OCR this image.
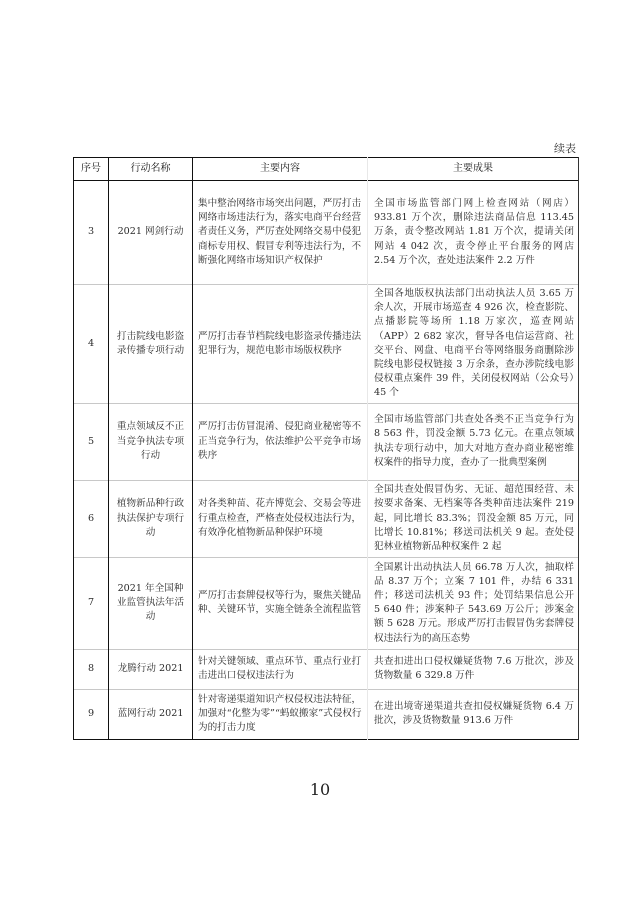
续表
序号	行动名称	主要内容	主要成果
3	2021 网剑行动	集中整治网络市场突出问题，严厉打击网络市场违法行为，落实电商平台经营者责任义务，严厉查处网络交易中侵犯商标专用权、假冒专利等违法行为，不断强化网络市场知识产权保护	全国市场监管部门网上检查网站（网店）933.81 万个次，删除违法商品信息 113.45 万条，责令整改网站 1.81 万个次，提请关闭网站 4 042 次，责令停止平台服务的网店 2.54 万个次，查处违法案件 2.2 万件
4	打击院线电影盗录传播专项行动	严厉打击春节档院线电影盗录传播违法犯罪行为，规范电影市场版权秩序	全国各地版权执法部门出动执法人员 3.65 万余人次，开展市场巡查 4 926 次，检查影院、点播影院等场所 1.18 万家次，巡查网站（APP）2 682 家次，督导各电信运营商、社交平台、网盘、电商平台等网络服务商删除涉院线电影侵权链接 3 万余条，查办涉院线电影侵权重点案件 39 件，关闭侵权网站（公众号）45 个
5	重点领域反不正当竞争执法专项行动	严厉打击仿冒混淆、侵犯商业秘密等不正当竞争行为，依法维护公平竞争市场秩序	全国市场监管部门共查处各类不正当竞争行为 8 563 件，罚没金额 5.73 亿元。在重点领域执法专项行动中，加大对地方查办商业秘密维权案件的指导力度，查办了一批典型案例
6	植物新品种行政执法保护专项行动	对各类种苗、花卉博览会、交易会等进行重点检查，严格查处侵权违法行为，有效净化植物新品种保护环境	全国共查处假冒伪劣、无证、超范围经营、未按要求备案、无档案等各类种苗违法案件 219 起，同比增长 83.3%；罚没金额 85 万元，同比增长 10.81%；移送司法机关 9 起。查处侵犯林业植物新品种权案件 2 起
7	2021 年全国种业监管执法年活动	严厉打击套牌侵权等行为，聚焦关键品种、关键环节，实施全链条全流程监管	全国累计出动执法人员 66.78 万人次，抽取样品 8.37 万个；立案 7 101 件，办结 6 331 件；移送司法机关 93 件；处罚结果信息公开 5 640 件；涉案种子 543.69 万公斤；涉案金额 5 628 万元。形成严厉打击假冒伪劣套牌侵权违法行为的高压态势
8	龙腾行动 2021	针对关键领域、重点环节、重点行业打击进出口侵权违法行为	共查扣进出口侵权嫌疑货物 7.6 万批次，涉及货物数量 6 329.8 万件
9	蓝网行动 2021	针对寄递渠道知识产权侵权违法特征，加强对“化整为零”“蚂蚁搬家”式侵权行为的打击力度	在进出境寄递渠道共查扣侵权嫌疑货物 6.4 万批次，涉及货物数量 913.6 万件
10
